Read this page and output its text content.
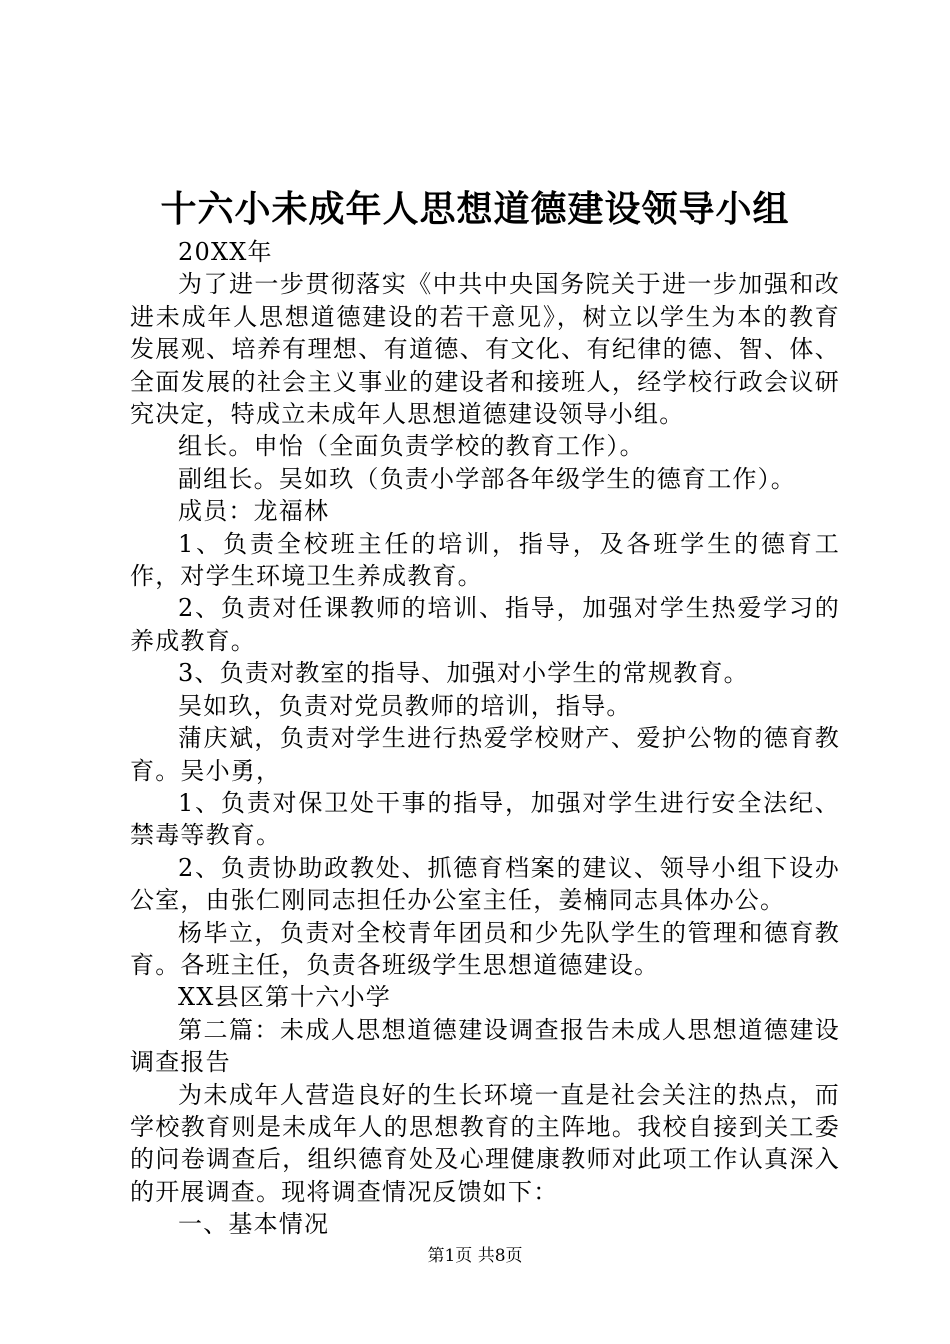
十六小未成年人思想道德建设领导小组

20XX年

为了进一步贯彻落实《中共中央国务院关于进一步加强和改进未成年人思想道德建设的若干意见》，树立以学生为本的教育发展观、培养有理想、有道德、有文化、有纪律的德、智、体、全面发展的社会主义事业的建设者和接班人，经学校行政会议研究决定，特成立未成年人思想道德建设领导小组。

组长。申怡（全面负责学校的教育工作）。

副组长。吴如玖（负责小学部各年级学生的德育工作）。

成员：龙福林

1、负责全校班主任的培训，指导，及各班学生的德育工作，对学生环境卫生养成教育。

2、负责对任课教师的培训、指导，加强对学生热爱学习的养成教育。

3、负责对教室的指导、加强对小学生的常规教育。

吴如玖，负责对党员教师的培训，指导。

蒲庆斌，负责对学生进行热爱学校财产、爱护公物的德育教育。吴小勇，

1、负责对保卫处干事的指导，加强对学生进行安全法纪、禁毒等教育。

2、负责协助政教处、抓德育档案的建议、领导小组下设办公室，由张仁刚同志担任办公室主任，姜楠同志具体办公。

杨毕立，负责对全校青年团员和少先队学生的管理和德育教育。各班主任，负责各班级学生思想道德建设。

XX县区第十六小学

第二篇：未成人思想道德建设调查报告未成人思想道德建设调查报告

为未成年人营造良好的生长环境一直是社会关注的热点，而学校教育则是未成年人的思想教育的主阵地。我校自接到关工委的问卷调查后，组织德育处及心理健康教师对此项工作认真深入的开展调查。现将调查情况反馈如下：

一、基本情况

第1页 共8页
